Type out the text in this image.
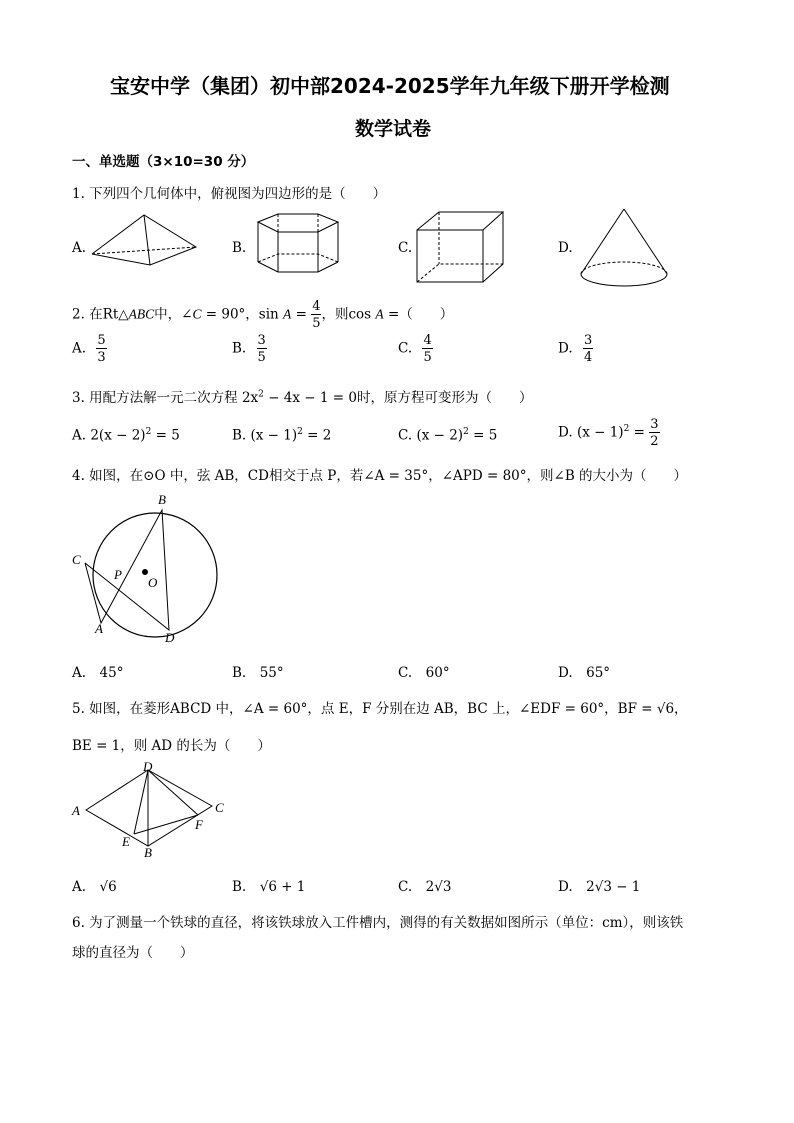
宝安中学（集团）初中部2024-2025学年九年级下册开学检测
数学试卷
一、单选题（3×10=30 分）
1. 下列四个几何体中，俯视图为四边形的是（　　）
A.	B.	C.	D.
2. 在Rt△ABC中，∠C = 90°，$\sin A = \frac{4}{5}$ ，则cos A =（　　）
A. $\frac{5}{3}$	B. $\frac{3}{5}$	C. $\frac{4}{5}$	D. $\frac{3}{4}$
3. 用配方法解一元二次方程 $2x^2 - 4x - 1 = 0$时，原方程可变形为（　　）
A. $2(x - 2)^2 = 5$	B. $(x - 1)^2 = 2$	C. $(x - 2)^2 = 5$	D. $(x - 1)^2 = \frac{3}{2}$
4. 如图，在⊙O 中，弦 AB，CD相交于点 P，若∠A = 35°，∠APD = 80°，则∠B 的大小为（　　）
B
C
P
O
A
D
A.　45°	B.　55°	C.　60°	D.　65°
5. 如图，在菱形ABCD 中，∠A = 60°，点 E，F 分别在边 AB，BC 上，∠EDF = 60°，BF = √6，
BE = 1，则 AD 的长为（　　）
D
A	C
F
E
B
A.　√6	B.　√6 + 1	C.　2√3	D.　2√3 − 1
6. 为了测量一个铁球的直径，将该铁球放入工件槽内，测得的有关数据如图所示（单位：cm），则该铁
球的直径为（　　）
